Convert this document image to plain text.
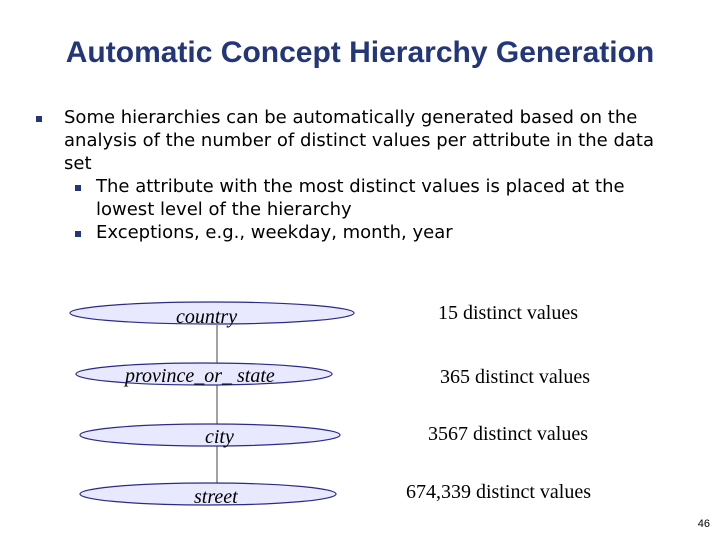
Automatic Concept Hierarchy Generation
Some hierarchies can be automatically generated based on the analysis of the number of distinct values per attribute in the data set
The attribute with the most distinct values is placed at the lowest level of the hierarchy
Exceptions, e.g., weekday, month, year
country	15 distinct values
province_or_ state	365 distinct values
city	3567 distinct values
street	674,339 distinct values
46
